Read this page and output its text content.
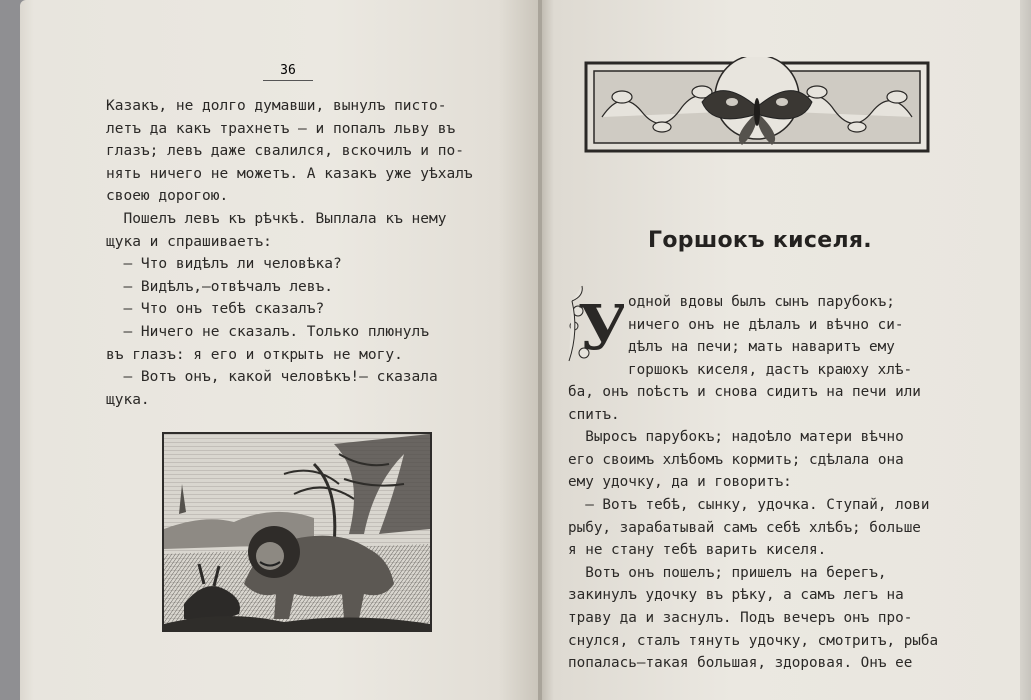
36
Казакъ, не долго думавши, вынулъ писто-
летъ да какъ трахнетъ — и попалъ льву въ
глазъ; левъ даже свалился, вскочилъ и по-
нять ничего не можетъ. А казакъ уже уѣхалъ
своею дорогою.
Пошелъ левъ къ рѣчкѣ. Выплала къ нему
щука и спрашиваетъ:
— Что видѣлъ ли человѣка?
— Видѣлъ,—отвѣчалъ левъ.
— Что онъ тебѣ сказалъ?
— Ничего не сказалъ. Только плюнулъ
въ глазъ: я его и открыть не могу.
— Вотъ онъ, какой человѣкъ!— сказала
щука.
Горшокъ киселя.
У одной вдовы былъ сынъ парубокъ;
ничего онъ не дѣлалъ и вѣчно си-
дѣлъ на печи; мать наваритъ ему
горшокъ киселя, дастъ краюху хлѣ-
ба, онъ поѣстъ и снова сидитъ на печи или
спитъ.
Выросъ парубокъ; надоѣло матери вѣчно
его своимъ хлѣбомъ кормить; сдѣлала она
ему удочку, да и говоритъ:
— Вотъ тебѣ, сынку, удочка. Ступай, лови
рыбу, зарабатывай самъ себѣ хлѣбъ; больше
я не стану тебѣ варить киселя.
Вотъ онъ пошелъ; пришелъ на берегъ,
закинулъ удочку въ рѣку, а самъ легъ на
траву да и заснулъ. Подъ вечеръ онъ про-
снулся, сталъ тянуть удочку, смотритъ, рыба
попалась—такая большая, здоровая. Онъ ее
